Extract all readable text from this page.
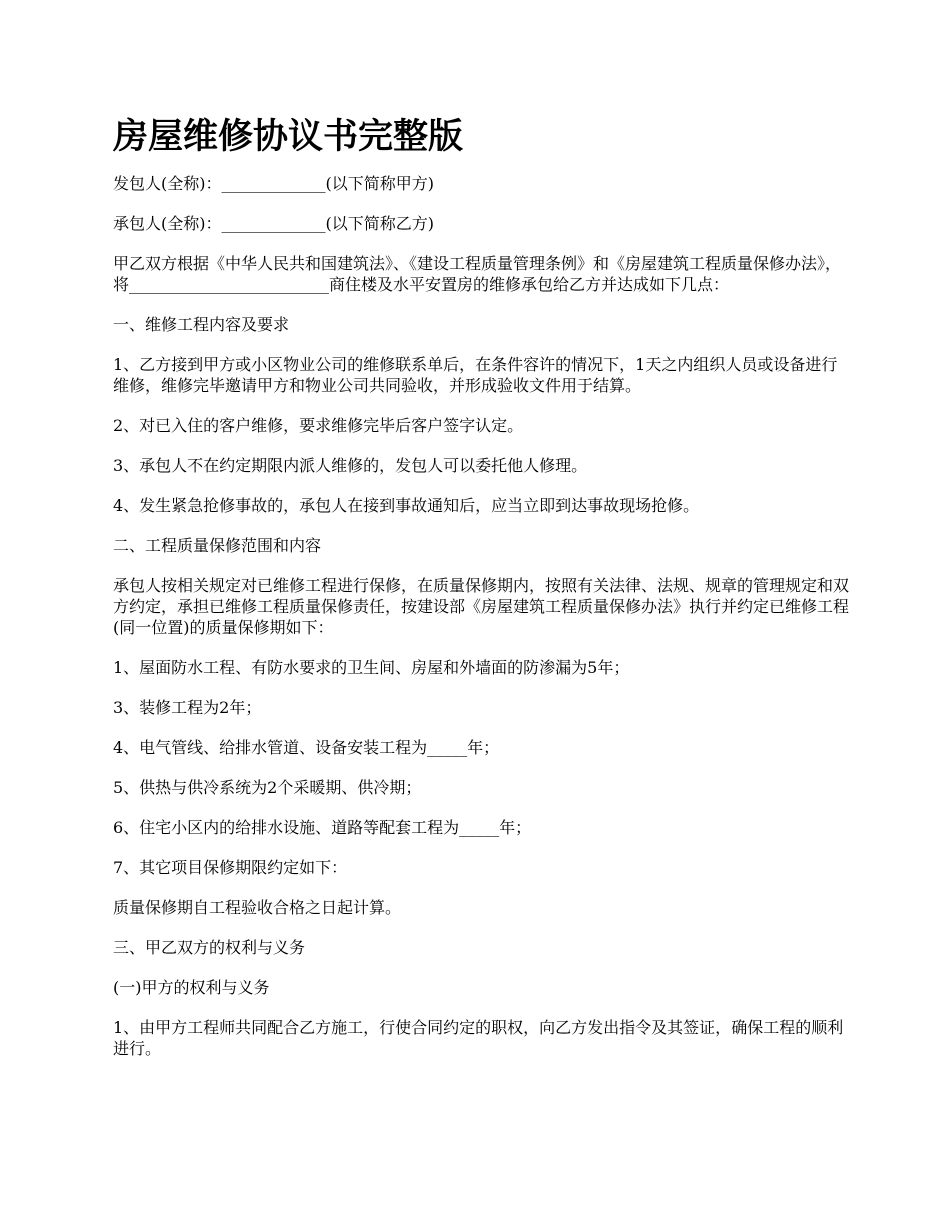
房屋维修协议书完整版

发包人(全称)：_____________(以下简称甲方)

承包人(全称)：_____________(以下简称乙方)

甲乙双方根据《中华人民共和国建筑法》、《建设工程质量管理条例》和《房屋建筑工程质量保修办法》，将_________________________商住楼及水平安置房的维修承包给乙方并达成如下几点：

一、维修工程内容及要求

1、乙方接到甲方或小区物业公司的维修联系单后，在条件容许的情况下，1天之内组织人员或设备进行维修，维修完毕邀请甲方和物业公司共同验收，并形成验收文件用于结算。

2、对已入住的客户维修，要求维修完毕后客户签字认定。

3、承包人不在约定期限内派人维修的，发包人可以委托他人修理。

4、发生紧急抢修事故的，承包人在接到事故通知后，应当立即到达事故现场抢修。

二、工程质量保修范围和内容

承包人按相关规定对已维修工程进行保修，在质量保修期内，按照有关法律、法规、规章的管理规定和双方约定，承担已维修工程质量保修责任，按建设部《房屋建筑工程质量保修办法》执行并约定已维修工程(同一位置)的质量保修期如下：

1、屋面防水工程、有防水要求的卫生间、房屋和外墙面的防渗漏为5年；

3、装修工程为2年；

4、电气管线、给排水管道、设备安装工程为_____年；

5、供热与供冷系统为2个采暖期、供冷期；

6、住宅小区内的给排水设施、道路等配套工程为_____年；

7、其它项目保修期限约定如下：

质量保修期自工程验收合格之日起计算。

三、甲乙双方的权利与义务

(一)甲方的权利与义务

1、由甲方工程师共同配合乙方施工，行使合同约定的职权，向乙方发出指令及其签证，确保工程的顺利进行。
